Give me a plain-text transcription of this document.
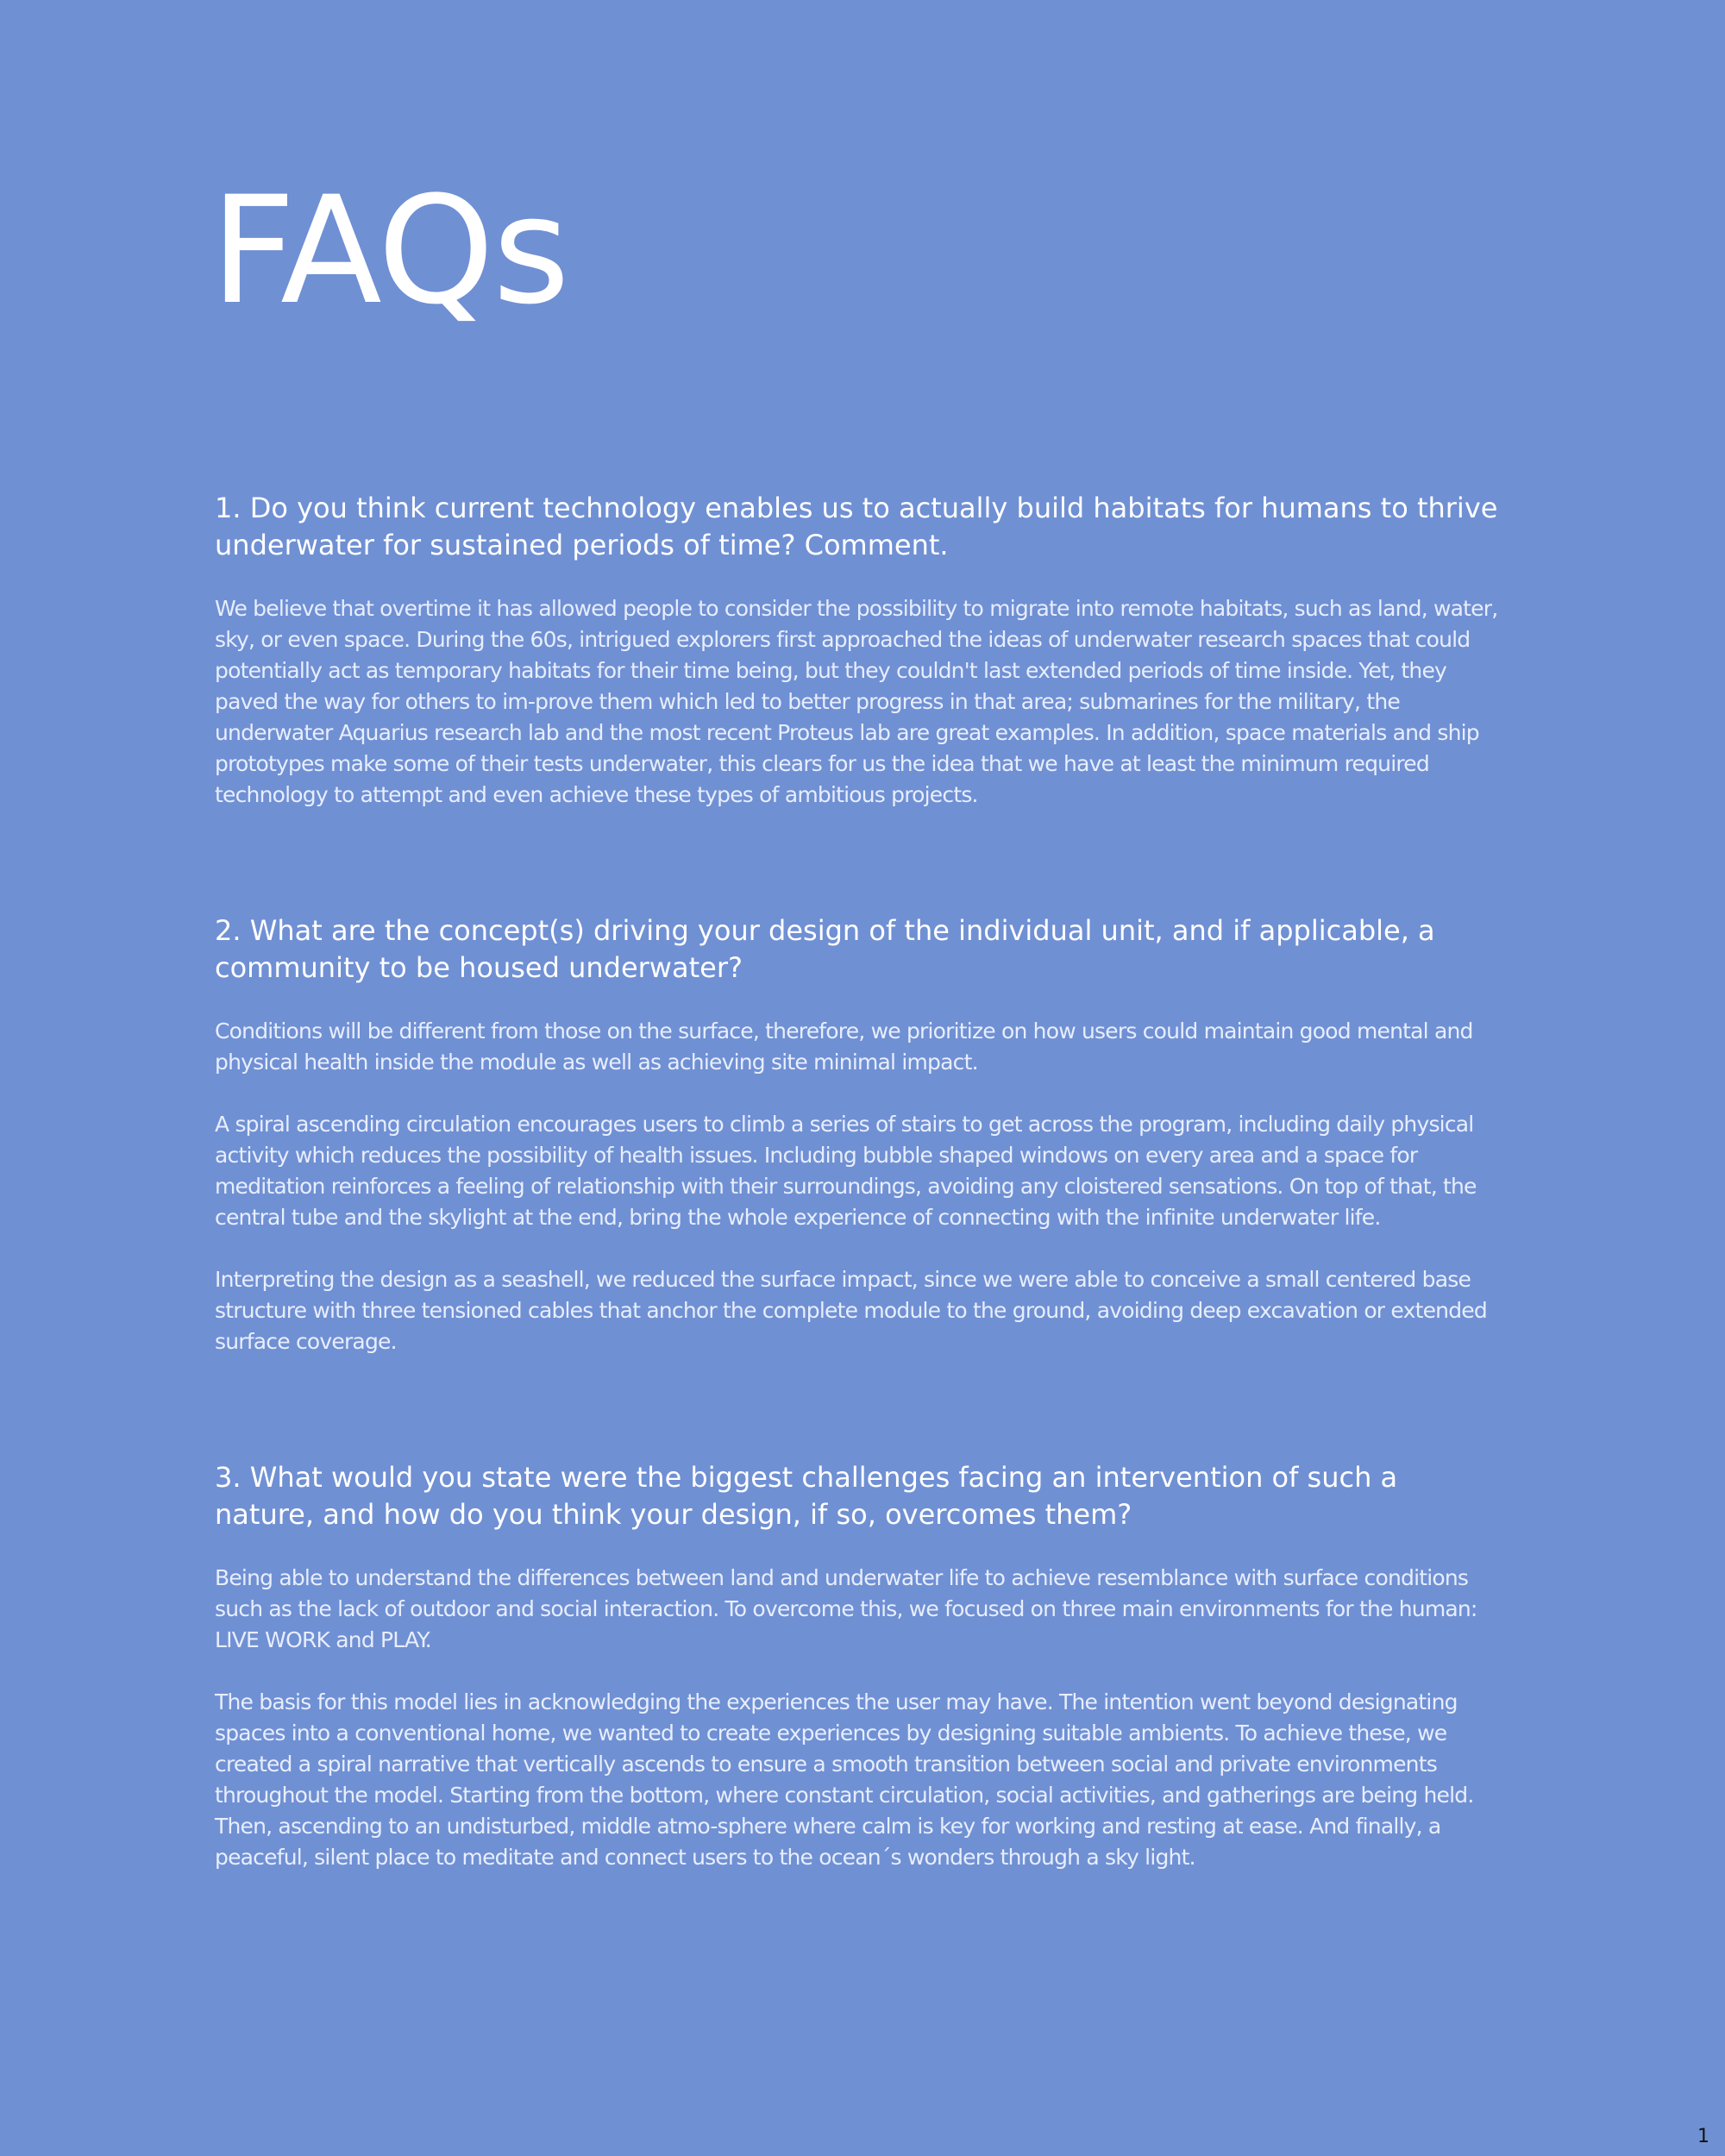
FAQs
1. Do you think current technology enables us to actually build habitats for humans to thrive underwater for sustained periods of time? Comment.

We believe that overtime it has allowed people to consider the possibility to migrate into remote habitats, such as land, water, sky, or even space. During the 60s, intrigued explorers first approached the ideas of underwater research spaces that could potentially act as temporary habitats for their time being, but they couldn't last extended periods of time inside. Yet, they paved the way for others to im-prove them which led to better progress in that area; submarines for the military, the underwater Aquarius research lab and the most recent Proteus lab are great examples. In addition, space materials and ship prototypes make some of their tests underwater, this clears for us the idea that we have at least the minimum required technology to attempt and even achieve these types of ambitious projects.

2. What are the concept(s) driving your design of the individual unit, and if applicable, a community to be housed underwater?

Conditions will be different from those on the surface, therefore, we prioritize on how users could maintain good mental and physical health inside the module as well as achieving site minimal impact.

A spiral ascending circulation encourages users to climb a series of stairs to get across the program, including daily physical activity which reduces the possibility of health issues. Including bubble shaped windows on every area and a space for meditation reinforces a feeling of relationship with their surroundings, avoiding any cloistered sensations. On top of that, the central tube and the skylight at the end, bring the whole experience of connecting with the infinite underwater life.

Interpreting the design as a seashell, we reduced the surface impact, since we were able to conceive a small centered base structure with three tensioned cables that anchor the complete module to the ground, avoiding deep excavation or extended surface coverage.

3. What would you state were the biggest challenges facing an intervention of such a nature, and how do you think your design, if so, overcomes them?

Being able to understand the differences between land and underwater life to achieve resemblance with surface conditions such as the lack of outdoor and social interaction. To overcome this, we focused on three main environments for the human: LIVE WORK and PLAY.

The basis for this model lies in acknowledging the experiences the user may have. The intention went beyond designating spaces into a conventional home, we wanted to create experiences by designing suitable ambients. To achieve these, we created a spiral narrative that vertically ascends to ensure a smooth transition between social and private environments throughout the model. Starting from the bottom, where constant circulation, social activities, and gatherings are being held. Then, ascending to an undisturbed, middle atmo-sphere where calm is key for working and resting at ease. And finally, a peaceful, silent place to meditate and connect users to the ocean´s wonders through a sky light.

1
